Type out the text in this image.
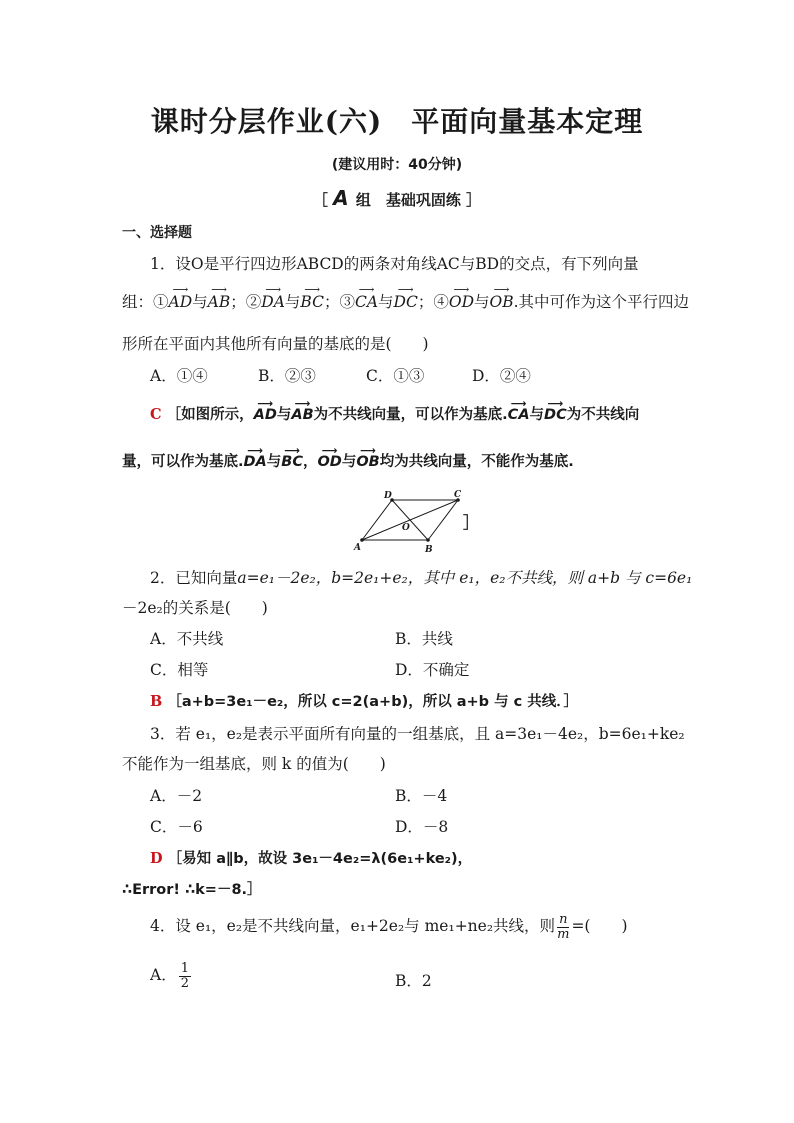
课时分层作业(六)　平面向量基本定理
(建议用时：40分钟)
［ A 组　基础巩固练 ］
一、选择题
1．设O是平行四边形ABCD的两条对角线AC与BD的交点，有下列向量
组：①⟶ AD与⟶ AB；②⟶ DA与⟶ BC；③⟶ CA与⟶ DC；④⟶ OD与⟶ OB.其中可作为这个平行四边
形所在平面内其他所有向量的基底的是(　　)
A．①④	B．②③	C．①③	D．②④
C ［如图所示，⟶ AD与⟶ AB为不共线向量，可以作为基底.⟶ CA与⟶ DC为不共线向
量，可以作为基底.⟶ DA与⟶ BC，⟶ OD与⟶ OB均为共线向量，不能作为基底.
A	B
C
D
O	］
2．已知向量a=e₁－2e₂，b=2e₁+e₂，其中 e₁，e₂不共线，则 a+b 与 c=6e₁
－2e₂的关系是(　　)
A．不共线	B．共线
C．相等	D．不确定
B ［a+b=3e₁－e₂，所以 c=2(a+b)，所以 a+b 与 c 共线．］
3．若 e₁，e₂是表示平面所有向量的一组基底，且 a=3e₁－4e₂，b=6e₁+ke₂
不能作为一组基底，则 k 的值为(　　)
A．－2	B．－4
C．－6	D．－8
D ［易知 a∥b，故设 3e₁－4e₂=λ(6e₁+ke₂)，
∴Error! ∴k=－8.］
4．设 e₁，e₂是不共线向量，e₁+2e₂与 me₁+ne₂共线，则 $\frac{n}{m}$ =(　　)
A． $\frac{1}{2}$	B．2
